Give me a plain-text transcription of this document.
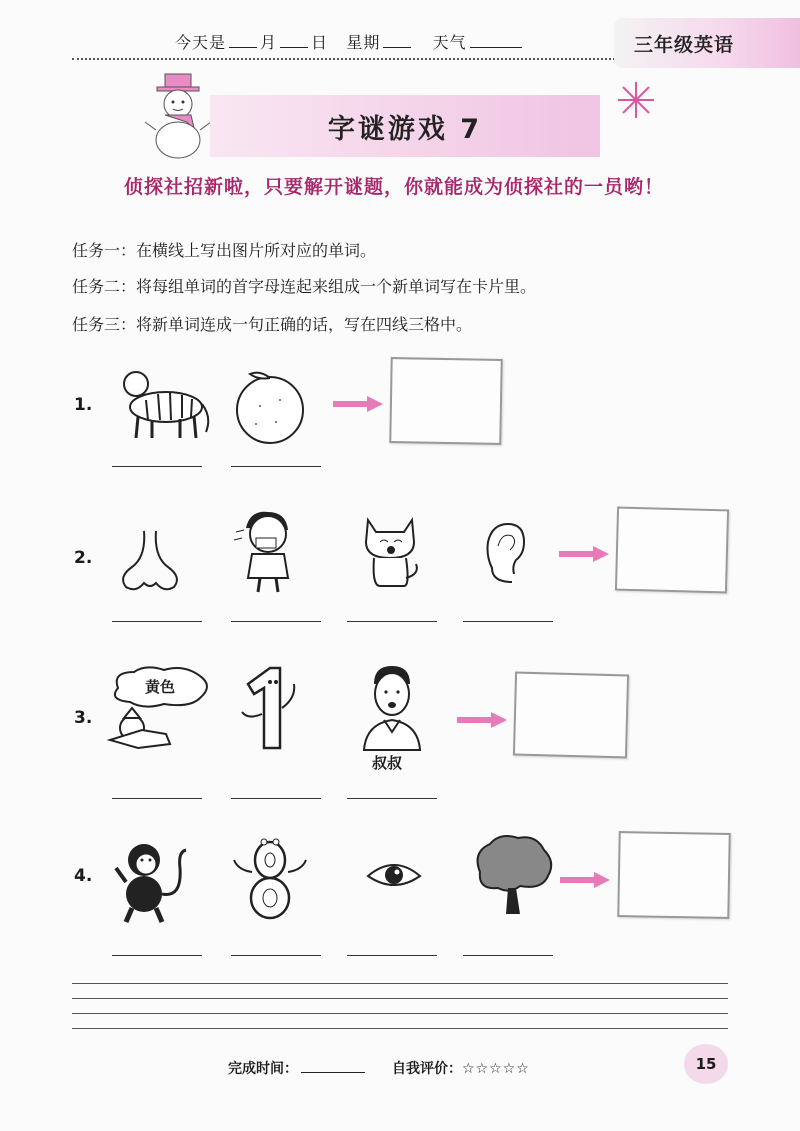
今天是 月 日 星期	天气	三年级英语
字谜游戏 7
侦探社招新啦，只要解开谜题，你就能成为侦探社的一员哟！
任务一：在横线上写出图片所对应的单词。
任务二：将每组单词的首字母连起来组成一个新单词写在卡片里。
任务三：将新单词连成一句正确的话，写在四线三格中。
1.
2.
3.
黄色
叔叔
4.
完成时间：	自我评价：☆☆☆☆☆	15
